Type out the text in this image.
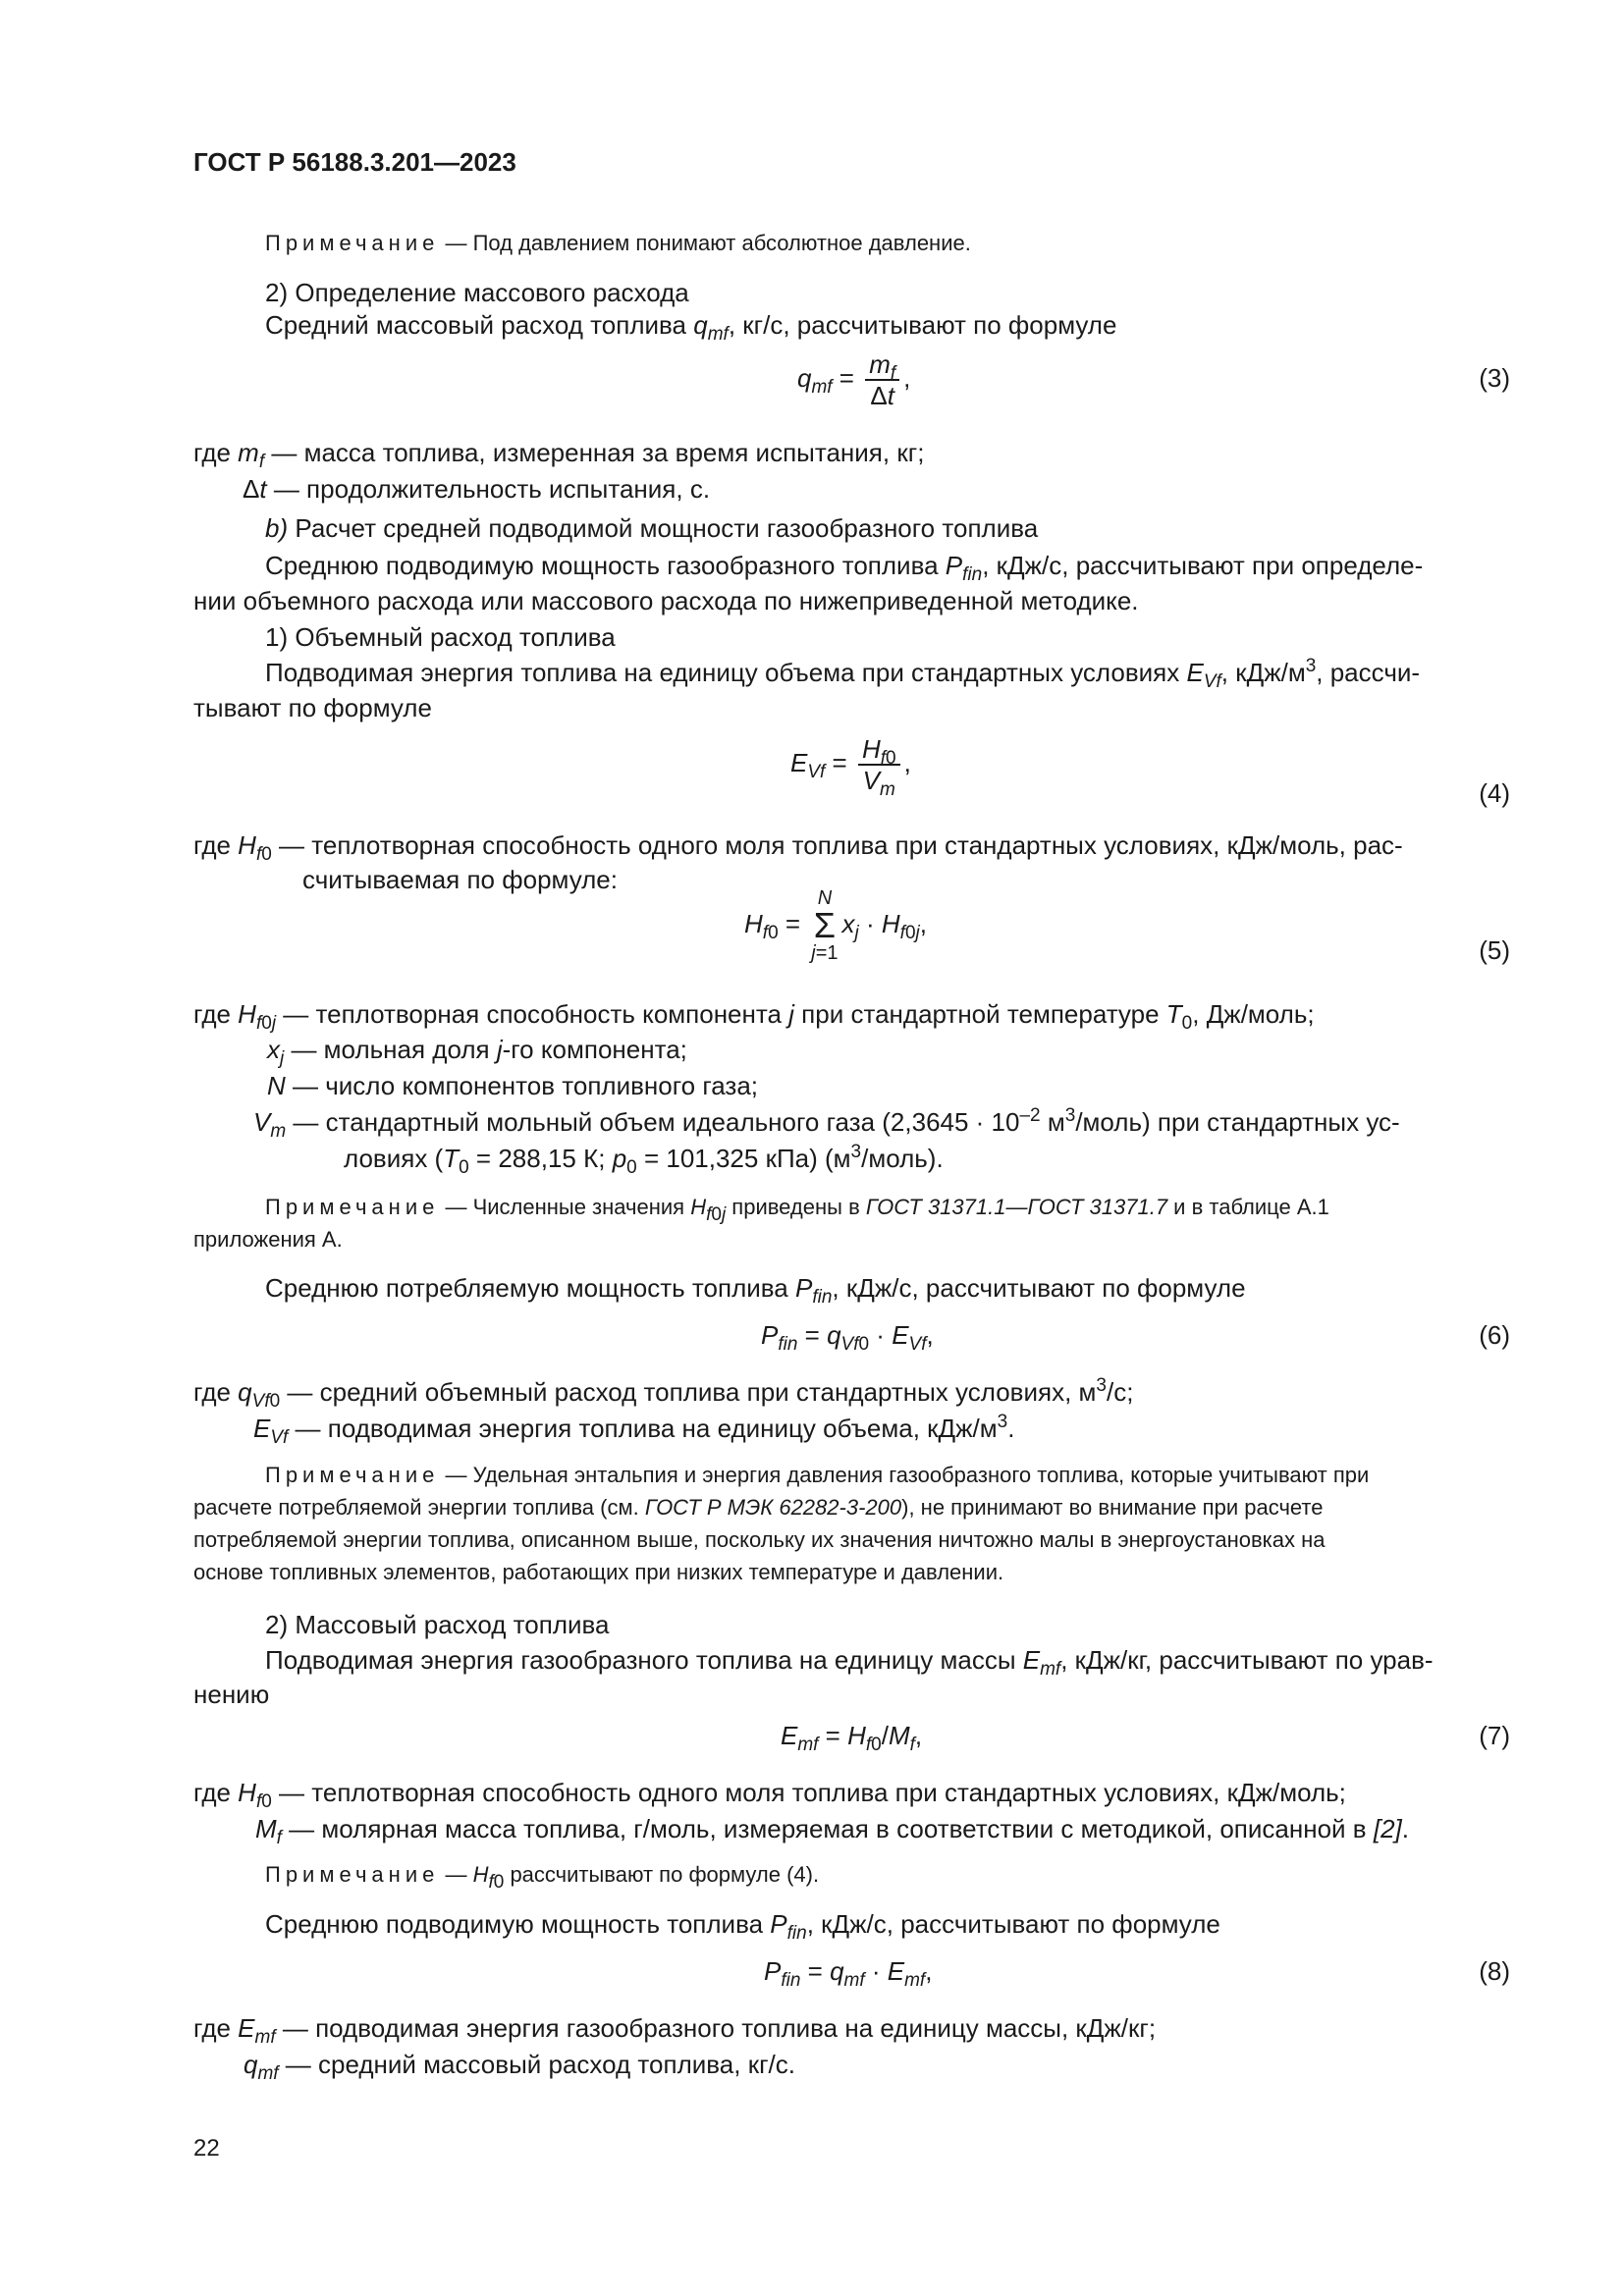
ГОСТ Р 56188.3.201—2023
Примечание — Под давлением понимают абсолютное давление.
2) Определение массового расхода
Средний массовый расход топлива $q_{mf}$, кг/с, рассчитывают по формуле
$q_{mf} = \frac{m_f}{\Delta t}$ ,	(3)
где $m_f$ — масса топлива, измеренная за время испытания, кг;
Δt — продолжительность испытания, с.
b) Расчет средней подводимой мощности газообразного топлива
Среднюю подводимую мощность газообразного топлива $P_{fin}$, кДж/с, рассчитывают при определе-
нии объемного расхода или массового расхода по нижеприведенной методике.
1) Объемный расход топлива
Подводимая энергия топлива на единицу объема при стандартных условиях $E_{Vf}$, кДж/$м^3$, рассчи-
тывают по формуле
$E_{Vf} = \frac{H_{f0}}{V_m}$ ,
(4)
где $H_{f0}$ — теплотворная способность одного моля топлива при стандартных условиях, кДж/моль, рас-
считываемая по формуле:
$H_{f0} = N$
Σ
$j=1x_j \cdot H_{f0j}$,
(5)
где $H_{f0j}$ — теплотворная способность компонента j при стандартной температуре $T_0$, Дж/моль;
$x_j$ — мольная доля j-го компонента;
N — число компонентов топливного газа;
$V_m$ — стандартный мольный объем идеального газа ($2,3645 \cdot 10^{-2}$ $м^3/моль$) при стандартных ус-
ловиях ($T_0 = 288,15$ К; $p_0 = 101,325$ кПа) $(м^3/моль)$.
Примечание — Численные значения $H_{f0j}$ приведены в ГОСТ 31371.1—ГОСТ 31371.7 и в таблице А.1
приложения А.
Среднюю потребляемую мощность топлива $P_{fin}$, кДж/с, рассчитывают по формуле
$P_{fin} = q_{Vf0} \cdot E_{Vf}$,	(6)
где $q_{Vf0}$ — средний объемный расход топлива при стандартных условиях, $м^3/с$;
$E_{Vf}$ — подводимая энергия топлива на единицу объема, кДж/$м^3$.
Примечание — Удельная энтальпия и энергия давления газообразного топлива, которые учитывают при
расчете потребляемой энергии топлива (см. ГОСТ Р МЭК 62282-3-200), не принимают во внимание при расчете
потребляемой энергии топлива, описанном выше, поскольку их значения ничтожно малы в энергоустановках на
основе топливных элементов, работающих при низких температуре и давлении.
2) Массовый расход топлива
Подводимая энергия газообразного топлива на единицу массы $E_{mf}$, кДж/кг, рассчитывают по урав-
нению
$E_{mf} = H_{f0}/M_f$,	(7)
где $H_{f0}$ — теплотворная способность одного моля топлива при стандартных условиях, кДж/моль;
$M_f$ — молярная масса топлива, г/моль, измеряемая в соответствии с методикой, описанной в [2].
Примечание — $H_{f0}$ рассчитывают по формуле (4).
Среднюю подводимую мощность топлива $P_{fin}$, кДж/с, рассчитывают по формуле
$P_{fin} = q_{mf} \cdot E_{mf}$,	(8)
где $E_{mf}$ — подводимая энергия газообразного топлива на единицу массы, кДж/кг;
$q_{mf}$ — средний массовый расход топлива, кг/с.
22
